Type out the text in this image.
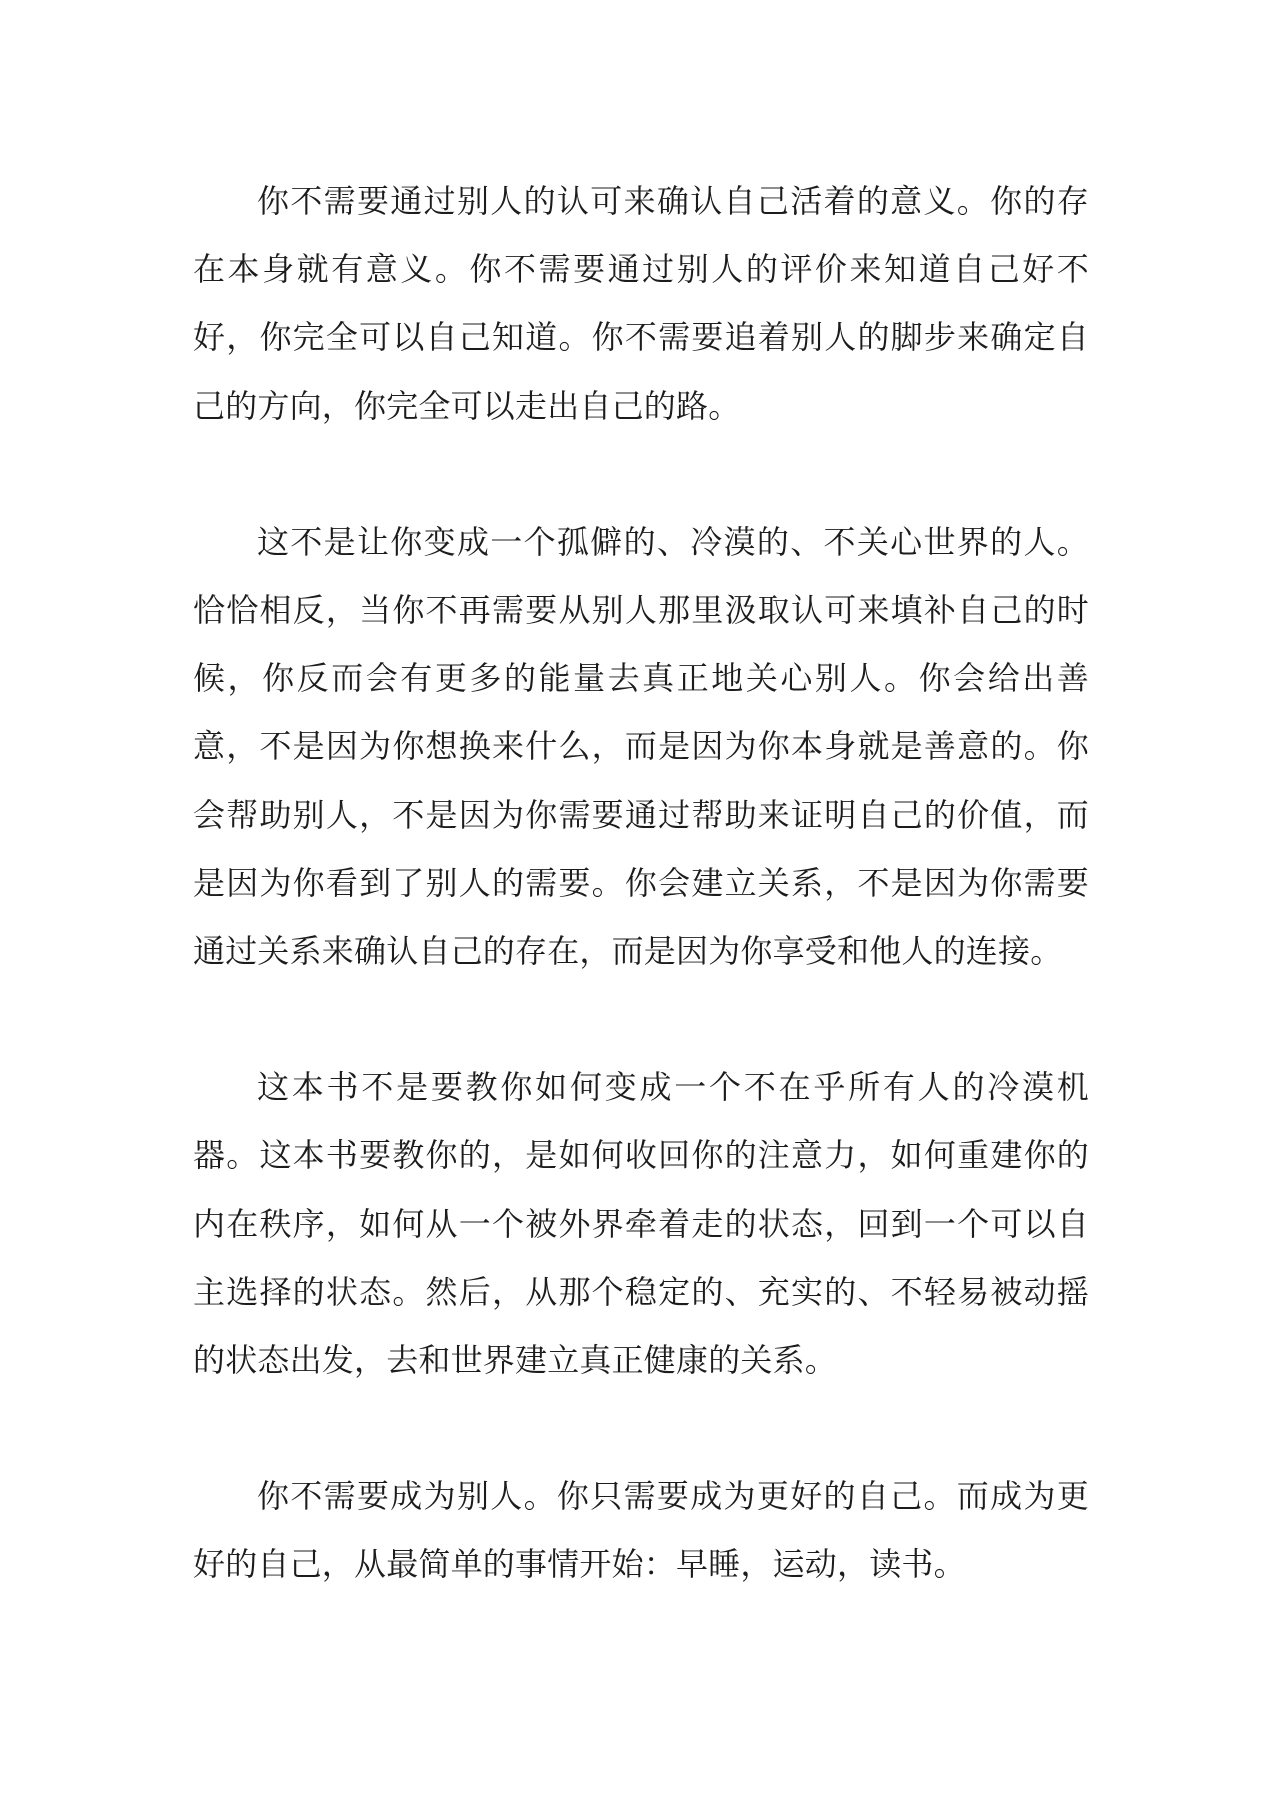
你不需要通过别人的认可来确认自己活着的意义。你的存在本身就有意义。你不需要通过别人的评价来知道自己好不好，你完全可以自己知道。你不需要追着别人的脚步来确定自己的方向，你完全可以走出自己的路。

这不是让你变成一个孤僻的、冷漠的、不关心世界的人。恰恰相反，当你不再需要从别人那里汲取认可来填补自己的时候，你反而会有更多的能量去真正地关心别人。你会给出善意，不是因为你想换来什么，而是因为你本身就是善意的。你会帮助别人，不是因为你需要通过帮助来证明自己的价值，而是因为你看到了别人的需要。你会建立关系，不是因为你需要通过关系来确认自己的存在，而是因为你享受和他人的连接。

这本书不是要教你如何变成一个不在乎所有人的冷漠机器。这本书要教你的，是如何收回你的注意力，如何重建你的内在秩序，如何从一个被外界牵着走的状态，回到一个可以自主选择的状态。然后，从那个稳定的、充实的、不轻易被动摇的状态出发，去和世界建立真正健康的关系。

你不需要成为别人。你只需要成为更好的自己。而成为更好的自己，从最简单的事情开始：早睡，运动，读书。
